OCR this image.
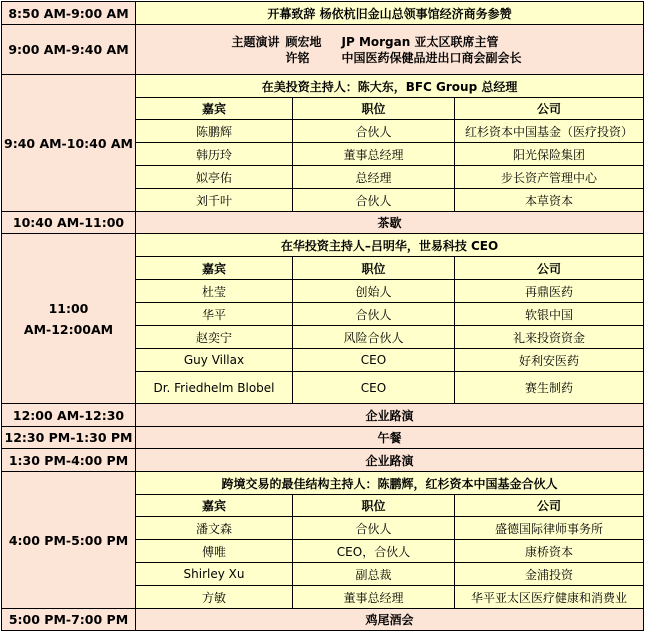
8:50 AM-9:00 AM	开幕致辞 杨依杭旧金山总领事馆经济商务参赞		
9:00 AM-9:40 AM	主题演讲 顾宏地 JP Morgan 亚太区联席主管
许铭 中国医药保健品进出口商会副会长		

9:40 AM-10:40 AM	在美投资主持人：陈大东，BFC Group 总经理		
	嘉宾	职位	公司
	陈鹏辉	合伙人	红杉资本中国基金（医疗投资）
	韩历玲	董事总经理	阳光保险集团
	姒亭佑	总经理	步长资产管理中心
	刘千叶	合伙人	本草资本
10:40 AM-11:00	茶歇		

11:00
AM-12:00AM	在华投资主持人–吕明华，世易科技 CEO		
	嘉宾	职位	公司
	杜莹	创始人	再鼎医药
	华平	合伙人	软银中国
	赵奕宁	风险合伙人	礼来投资资金
	Guy Villax	CEO	好利安医药
	Dr. Friedhelm Blobel	CEO	赛生制药
12:00 AM-12:30	企业路演		
12:30 PM-1:30 PM	午餐		
1:30 PM-4:00 PM	企业路演		
4:00 PM-5:00 PM	跨境交易的最佳结构主持人：陈鹏辉，红杉资本中国基金合伙人		
	嘉宾	职位	公司
	潘文森	合伙人	盛德国际律师事务所
	傅唯	CEO，合伙人	康桥资本
	Shirley Xu	副总裁	金浦投资
	方敏	董事总经理	华平亚太区医疗健康和消费业
5:00 PM-7:00 PM	鸡尾酒会		
